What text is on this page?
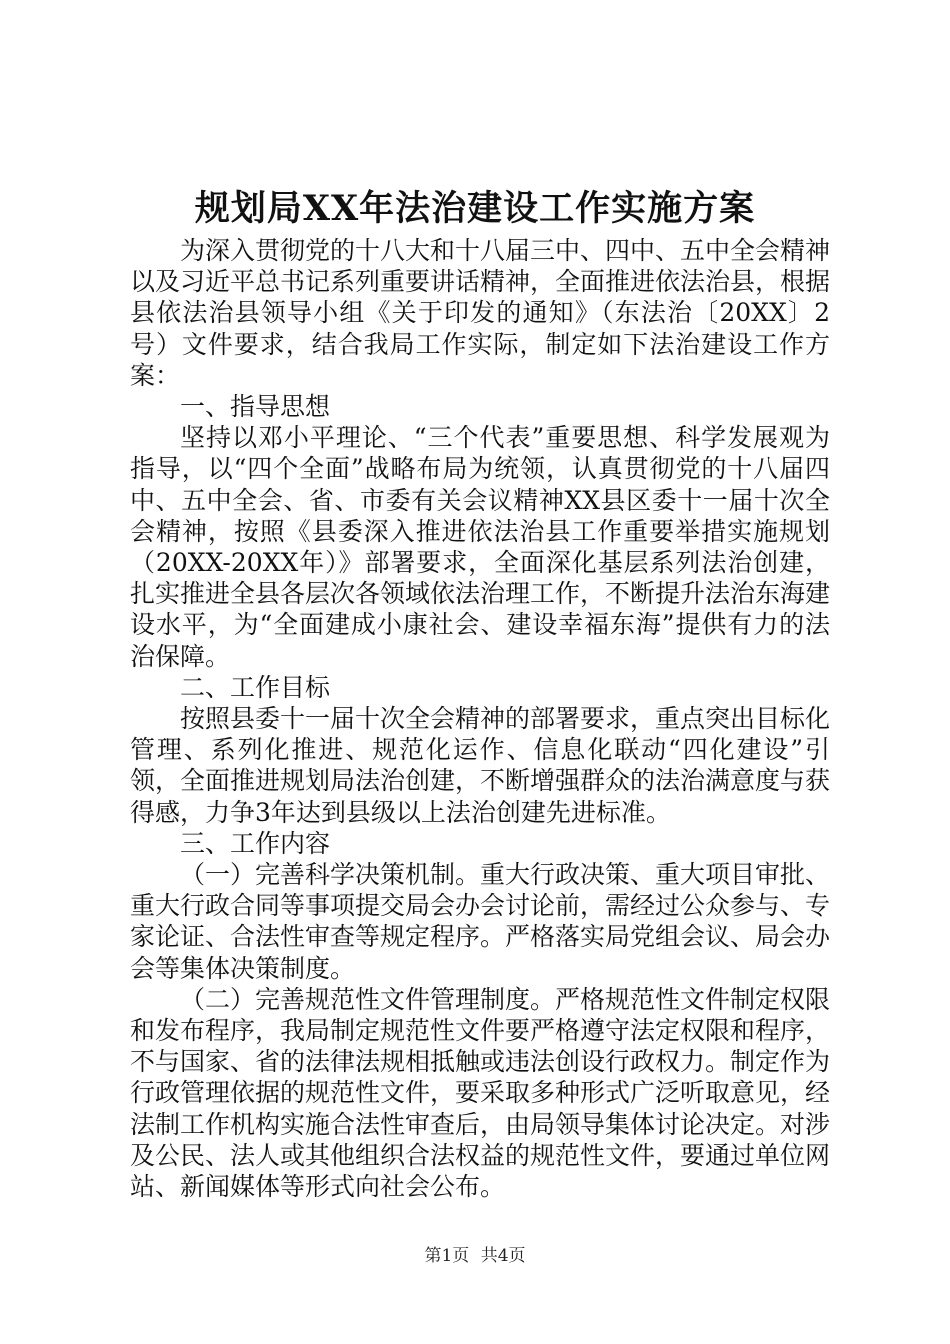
规划局XX年法治建设工作实施方案

为深入贯彻党的十八大和十八届三中、四中、五中全会精神以及习近平总书记系列重要讲话精神，全面推进依法治县，根据县依法治县领导小组《关于印发的通知》（东法治〔20XX〕2号）文件要求，结合我局工作实际，制定如下法治建设工作方案：

一、指导思想

坚持以邓小平理论、“三个代表”重要思想、科学发展观为指导，以“四个全面”战略布局为统领，认真贯彻党的十八届四中、五中全会、省、市委有关会议精神XX县区委十一届十次全会精神，按照《县委深入推进依法治县工作重要举措实施规划（20XX-20XX年）》部署要求，全面深化基层系列法治创建，扎实推进全县各层次各领域依法治理工作，不断提升法治东海建设水平，为“全面建成小康社会、建设幸福东海”提供有力的法治保障。

二、工作目标

按照县委十一届十次全会精神的部署要求，重点突出目标化管理、系列化推进、规范化运作、信息化联动“四化建设”引领，全面推进规划局法治创建，不断增强群众的法治满意度与获得感，力争3年达到县级以上法治创建先进标准。

三、工作内容

（一）完善科学决策机制。重大行政决策、重大项目审批、重大行政合同等事项提交局会办会讨论前，需经过公众参与、专家论证、合法性审查等规定程序。严格落实局党组会议、局会办会等集体决策制度。

（二）完善规范性文件管理制度。严格规范性文件制定权限和发布程序，我局制定规范性文件要严格遵守法定权限和程序，不与国家、省的法律法规相抵触或违法创设行政权力。制定作为行政管理依据的规范性文件，要采取多种形式广泛听取意见，经法制工作机构实施合法性审查后，由局领导集体讨论决定。对涉及公民、法人或其他组织合法权益的规范性文件，要通过单位网站、新闻媒体等形式向社会公布。

第1页 共4页
